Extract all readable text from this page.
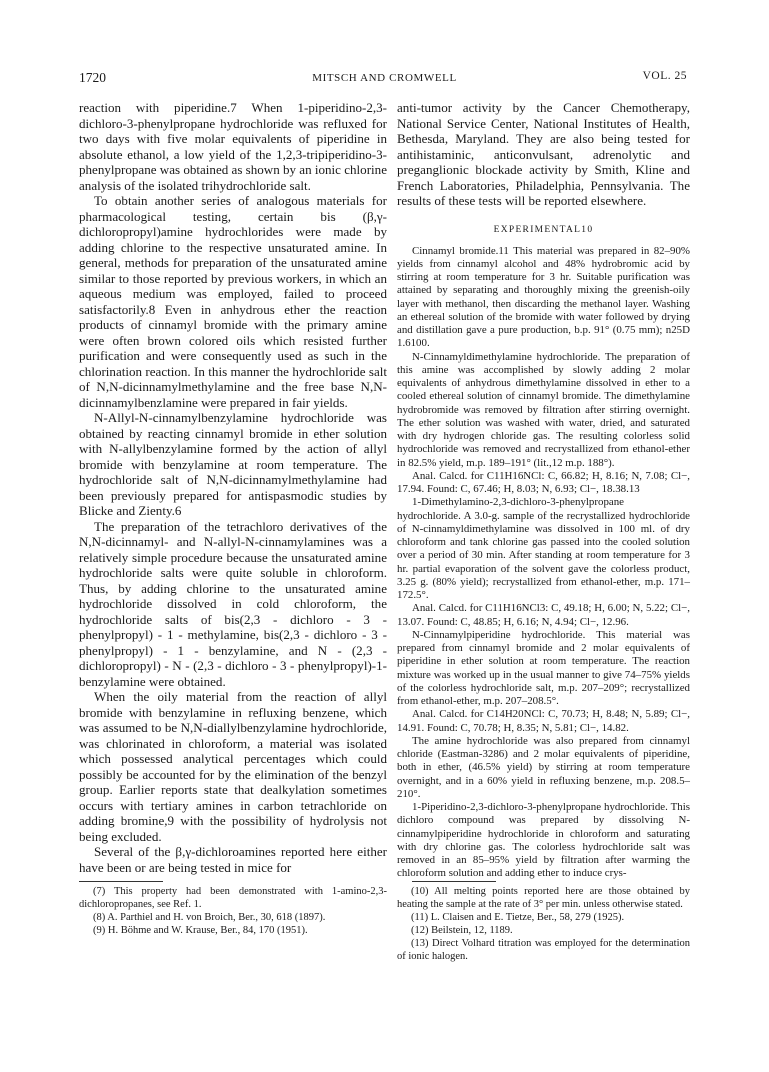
1720	MITSCH AND CROMWELL	VOL. 25

reaction with piperidine.7 When 1-piperidino-2,3-dichloro-3-phenylpropane hydrochloride was refluxed for two days with five molar equivalents of piperidine in absolute ethanol, a low yield of the 1,2,3-tripiperidino-3-phenylpropane was obtained as shown by an ionic chlorine analysis of the isolated trihydrochloride salt.

To obtain another series of analogous materials for pharmacological testing, certain bis (β,γ-dichloropropyl)amine hydrochlorides were made by adding chlorine to the respective unsaturated amine. In general, methods for preparation of the unsaturated amine similar to those reported by previous workers, in which an aqueous medium was employed, failed to proceed satisfactorily.8 Even in anhydrous ether the reaction products of cinnamyl bromide with the primary amine were often brown colored oils which resisted further purification and were consequently used as such in the chlorination reaction. In this manner the hydrochloride salt of N,N-dicinnamylmethylamine and the free base N,N-dicinnamylbenzlamine were prepared in fair yields.

N-Allyl-N-cinnamylbenzylamine hydrochloride was obtained by reacting cinnamyl bromide in ether solution with N-allylbenzylamine formed by the action of allyl bromide with benzylamine at room temperature. The hydrochloride salt of N,N-dicinnamylmethylamine had been previously prepared for antispasmodic studies by Blicke and Zienty.6

The preparation of the tetrachloro derivatives of the N,N-dicinnamyl- and N-allyl-N-cinnamylamines was a relatively simple procedure because the unsaturated amine hydrochloride salts were quite soluble in chloroform. Thus, by adding chlorine to the unsaturated amine hydrochloride dissolved in cold chloroform, the hydrochloride salts of bis(2,3 - dichloro - 3 - phenylpropyl) - 1 - methylamine, bis(2,3 - dichloro - 3 - phenylpropyl) - 1 - benzylamine, and N - (2,3 - dichloropropyl) - N - (2,3 - dichloro - 3 - phenylpropyl)-1-benzylamine were obtained.

When the oily material from the reaction of allyl bromide with benzylamine in refluxing benzene, which was assumed to be N,N-diallylbenzylamine hydrochloride, was chlorinated in chloroform, a material was isolated which possessed analytical percentages which could possibly be accounted for by the elimination of the benzyl group. Earlier reports state that dealkylation sometimes occurs with tertiary amines in carbon tetrachloride on adding bromine,9 with the possibility of hydrolysis not being excluded.

Several of the β,γ-dichloroamines reported here either have been or are being tested in mice for

(7) This property had been demonstrated with 1-amino-2,3-dichloropropanes, see Ref. 1.

(8) A. Parthiel and H. von Broich, Ber., 30, 618 (1897).

(9) H. Böhme and W. Krause, Ber., 84, 170 (1951).

anti-tumor activity by the Cancer Chemotherapy, National Service Center, National Institutes of Health, Bethesda, Maryland. They are also being tested for antihistaminic, anticonvulsant, adrenolytic and preganglionic blockade activity by Smith, Kline and French Laboratories, Philadelphia, Pennsylvania. The results of these tests will be reported elsewhere.

EXPERIMENTAL10

Cinnamyl bromide.11 This material was prepared in 82–90% yields from cinnamyl alcohol and 48% hydrobromic acid by stirring at room temperature for 3 hr. Suitable purification was attained by separating and thoroughly mixing the greenish-oily layer with methanol, then discarding the methanol layer. Washing an ethereal solution of the bromide with water followed by drying and distillation gave a pure production, b.p. 91° (0.75 mm); n25D 1.6100.

N-Cinnamyldimethylamine hydrochloride. The preparation of this amine was accomplished by slowly adding 2 molar equivalents of anhydrous dimethylamine dissolved in ether to a cooled ethereal solution of cinnamyl bromide. The dimethylamine hydrobromide was removed by filtration after stirring overnight. The ether solution was washed with water, dried, and saturated with dry hydrogen chloride gas. The resulting colorless solid hydrochloride was removed and recrystallized from ethanol-ether in 82.5% yield, m.p. 189–191° (lit.,12 m.p. 188°).

Anal. Calcd. for C11H16NCl: C, 66.82; H, 8.16; N, 7.08; Cl−, 17.94. Found: C, 67.46; H, 8.03; N, 6.93; Cl−, 18.38.13

1-Dimethylamino-2,3-dichloro-3-phenylpropane hydrochloride. A 3.0-g. sample of the recrystallized hydrochloride of N-cinnamyldimethylamine was dissolved in 100 ml. of dry chloroform and tank chlorine gas passed into the cooled solution over a period of 30 min. After standing at room temperature for 3 hr. partial evaporation of the solvent gave the colorless product, 3.25 g. (80% yield); recrystallized from ethanol-ether, m.p. 171–172.5°.

Anal. Calcd. for C11H16NCl3: C, 49.18; H, 6.00; N, 5.22; Cl−, 13.07. Found: C, 48.85; H, 6.16; N, 4.94; Cl−, 12.96.

N-Cinnamylpiperidine hydrochloride. This material was prepared from cinnamyl bromide and 2 molar equivalents of piperidine in ether solution at room temperature. The reaction mixture was worked up in the usual manner to give 74–75% yields of the colorless hydrochloride salt, m.p. 207–209°; recrystallized from ethanol-ether, m.p. 207–208.5°.

Anal. Calcd. for C14H20NCl: C, 70.73; H, 8.48; N, 5.89; Cl−, 14.91. Found: C, 70.78; H, 8.35; N, 5.81; Cl−, 14.82.

The amine hydrochloride was also prepared from cinnamyl chloride (Eastman-3286) and 2 molar equivalents of piperidine, both in ether, (46.5% yield) by stirring at room temperature overnight, and in a 60% yield in refluxing benzene, m.p. 208.5–210°.

1-Piperidino-2,3-dichloro-3-phenylpropane hydrochloride. This dichloro compound was prepared by dissolving N-cinnamylpiperidine hydrochloride in chloroform and saturating with dry chlorine gas. The colorless hydrochloride salt was removed in an 85–95% yield by filtration after warming the chloroform solution and adding ether to induce crys-

(10) All melting points reported here are those obtained by heating the sample at the rate of 3° per min. unless otherwise stated.

(11) L. Claisen and E. Tietze, Ber., 58, 279 (1925).

(12) Beilstein, 12, 1189.

(13) Direct Volhard titration was employed for the determination of ionic halogen.
